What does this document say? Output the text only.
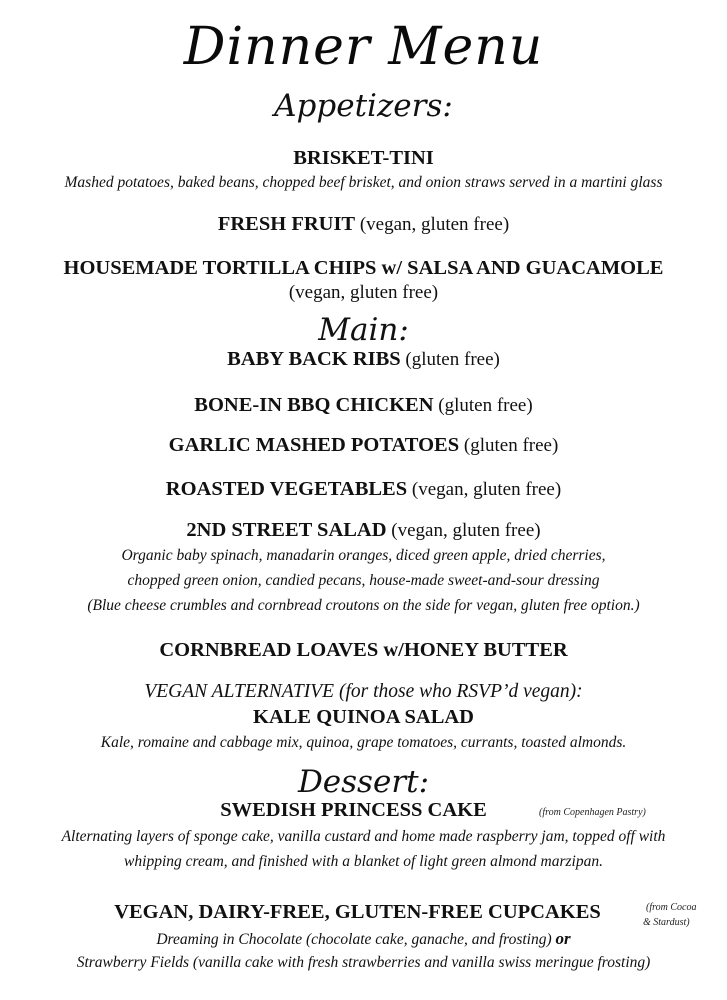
Dinner Menu
Appetizers:
BRISKET-TINI
Mashed potatoes, baked beans, chopped beef brisket, and onion straws served in a martini glass
FRESH FRUIT (vegan, gluten free)
HOUSEMADE TORTILLA CHIPS w/ SALSA AND GUACAMOLE
(vegan, gluten free)
Main:
BABY BACK RIBS (gluten free)
BONE-IN BBQ CHICKEN (gluten free)
GARLIC MASHED POTATOES (gluten free)
ROASTED VEGETABLES (vegan, gluten free)
2ND STREET SALAD (vegan, gluten free)
Organic baby spinach, manadarin oranges, diced green apple, dried cherries,
chopped green onion, candied pecans, house-made sweet-and-sour dressing
(Blue cheese crumbles and cornbread croutons on the side for vegan, gluten free option.)
CORNBREAD LOAVES w/HONEY BUTTER
VEGAN ALTERNATIVE (for those who RSVP’d vegan):
KALE QUINOA SALAD
Kale, romaine and cabbage mix, quinoa, grape tomatoes, currants, toasted almonds.
Dessert:
SWEDISH PRINCESS CAKE	(from Copenhagen Pastry)
Alternating layers of sponge cake, vanilla custard and home made raspberry jam, topped off with
whipping cream, and finished with a blanket of light green almond marzipan.
VEGAN, DAIRY-FREE, GLUTEN-FREE CUPCAKES	(from Cocoa
& Stardust)
Dreaming in Chocolate (chocolate cake, ganache, and frosting) or
Strawberry Fields (vanilla cake with fresh strawberries and vanilla swiss meringue frosting)
